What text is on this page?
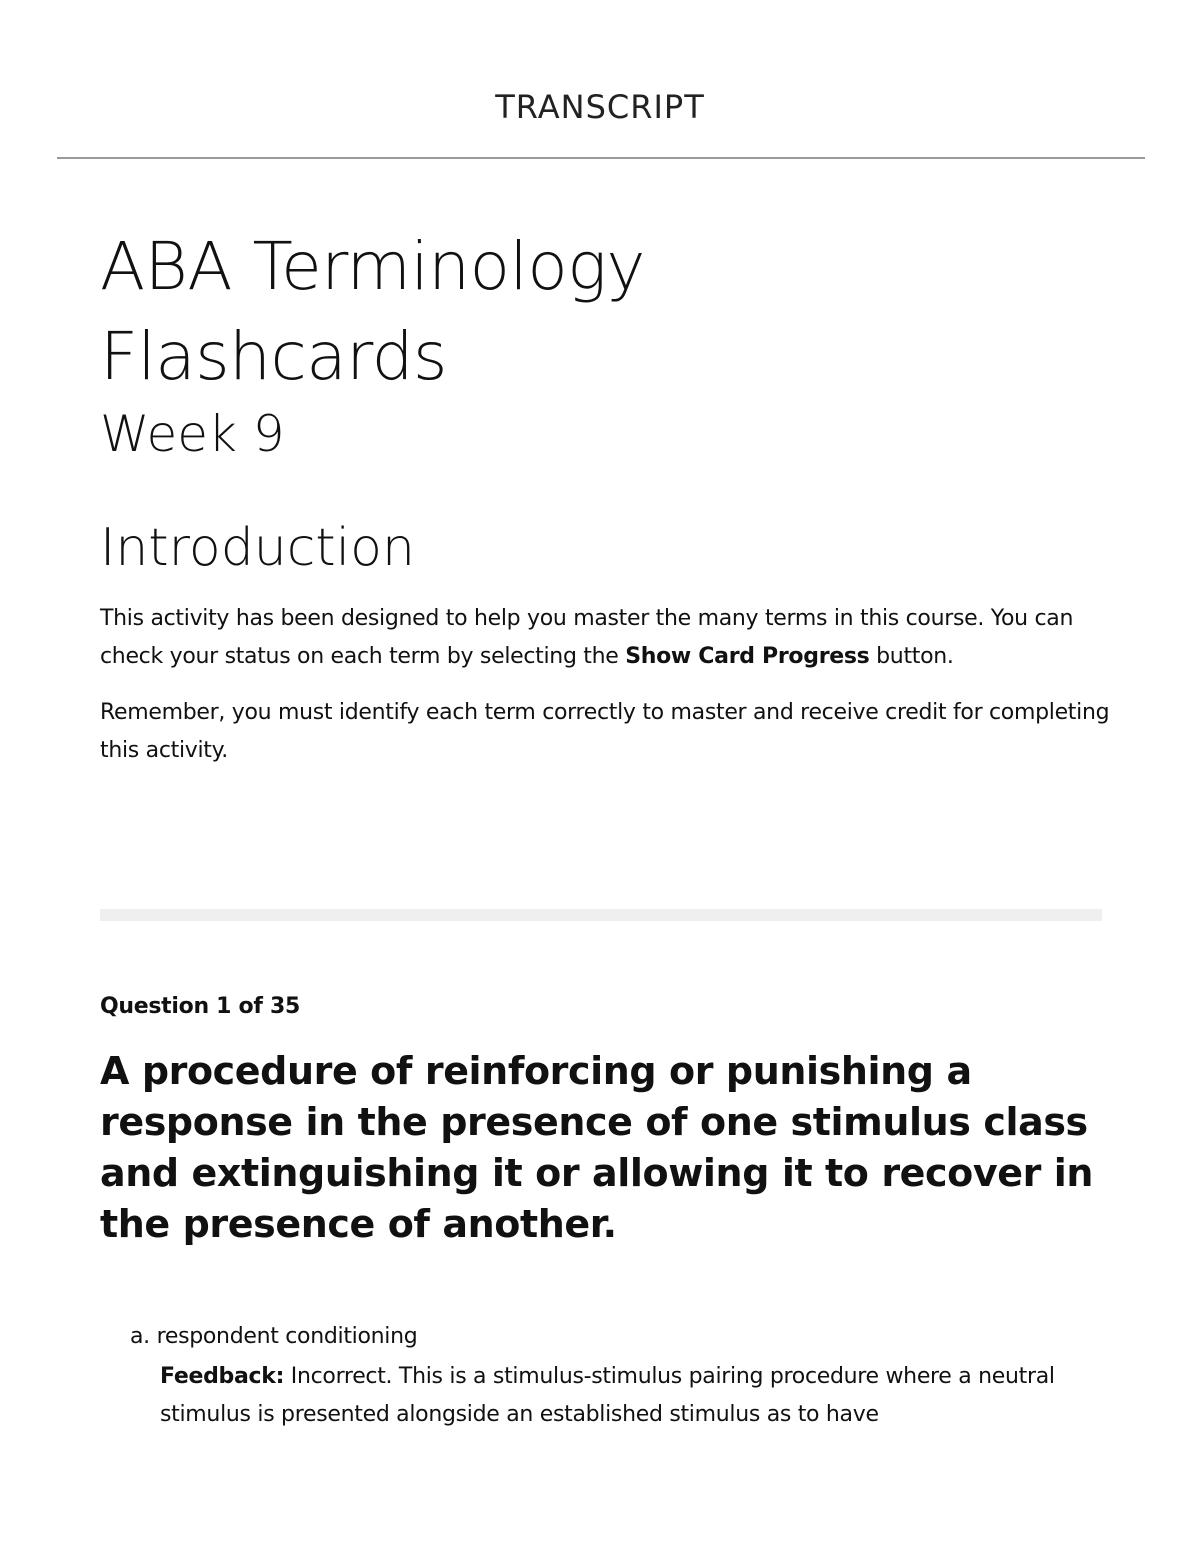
TRANSCRIPT
ABA Terminology
Flashcards
Week 9
Introduction

This activity has been designed to help you master the many terms in this course. You can check your status on each term by selecting the Show Card Progress button.

Remember, you must identify each term correctly to master and receive credit for completing this activity.

Question 1 of 35

A procedure of reinforcing or punishing a response in the presence of one stimulus class and extinguishing it or allowing it to recover in the presence of another.

a. respondent conditioning
Feedback: Incorrect. This is a stimulus-stimulus pairing procedure where a neutral stimulus is presented alongside an established stimulus as to have
